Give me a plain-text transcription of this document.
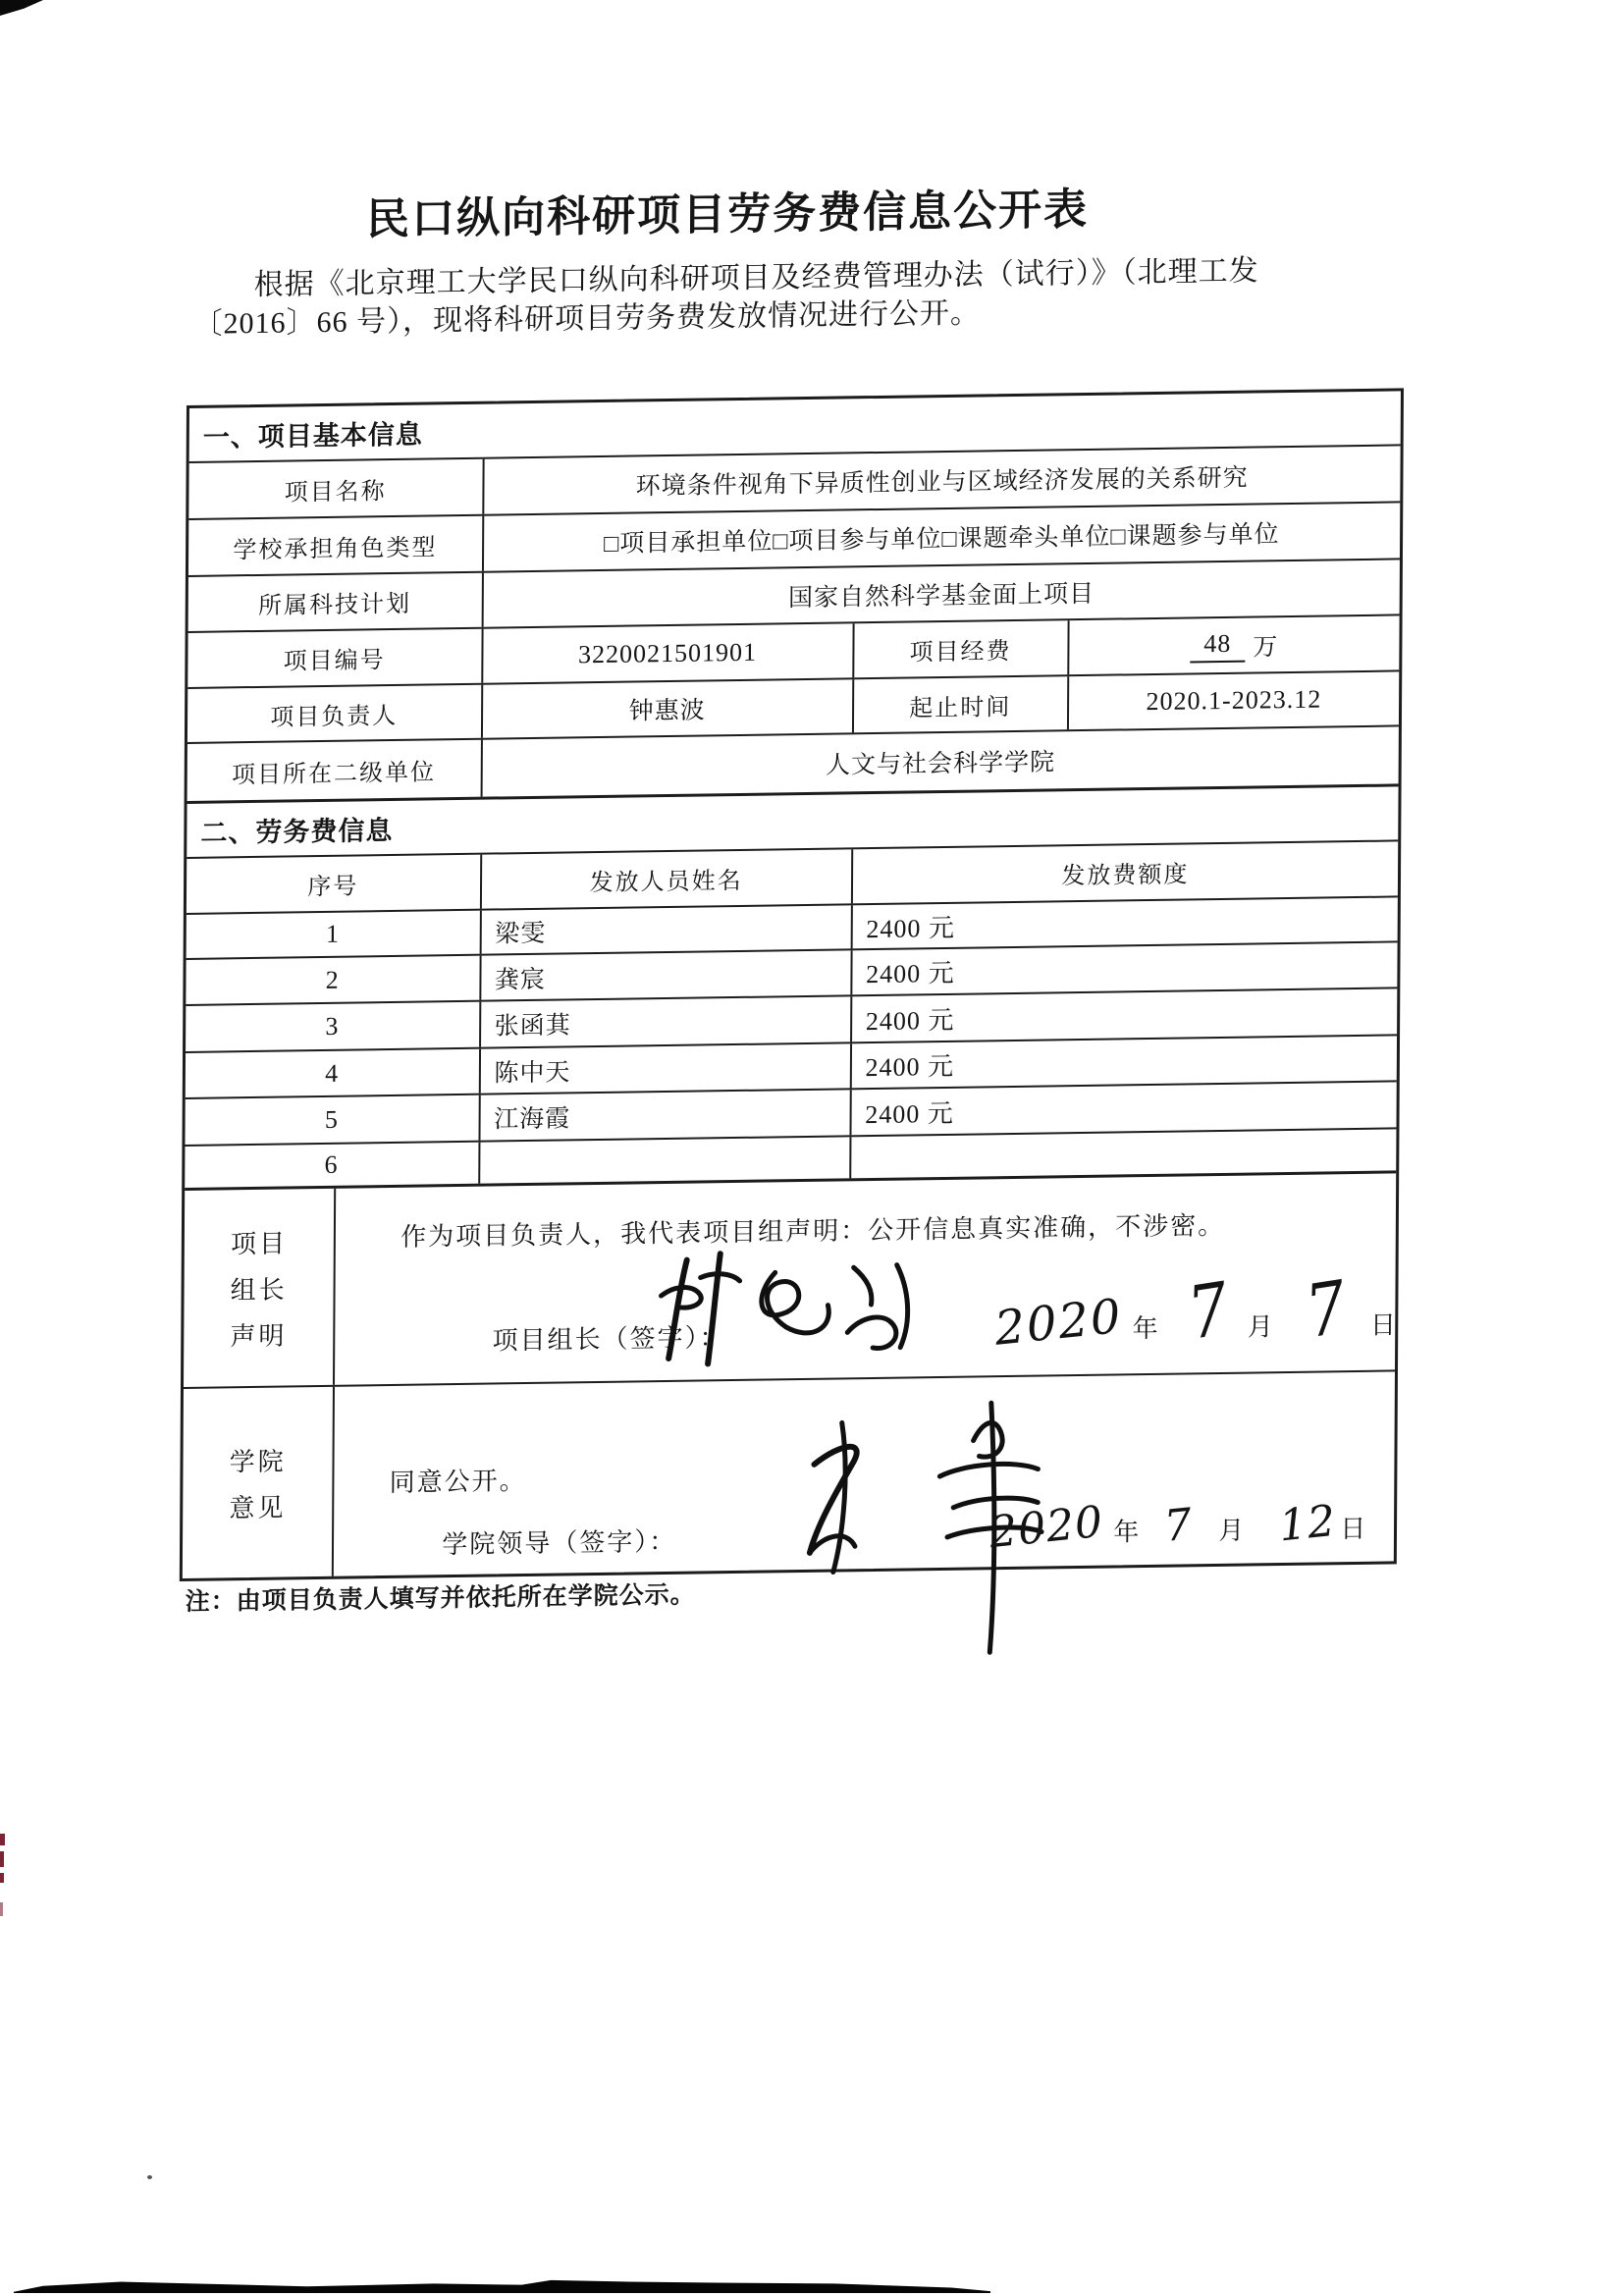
民口纵向科研项目劳务费信息公开表
根据《北京理工大学民口纵向科研项目及经费管理办法（试行）》（北理工发
〔2016〕66 号），现将科研项目劳务费发放情况进行公开。
一、项目基本信息
项目名称	环境条件视角下异质性创业与区域经济发展的关系研究
学校承担角色类型	□项目承担单位□项目参与单位□课题牵头单位□课题参与单位
所属科技计划	国家自然科学基金面上项目
项目编号	3220021501901	项目经费	48 万
项目负责人	钟惠波	起止时间	2020.1-2023.12
项目所在二级单位	人文与社会科学学院
二、劳务费信息
序号	发放人员姓名	发放费额度
1	梁雯	2400 元
2	龚宸	2400 元
3	张函萁	2400 元
4	陈中天	2400 元
5	江海霞	2400 元
6
项目
组长
声明
作为项目负责人，我代表项目组声明：公开信息真实准确，不涉密。
项目组长（签字）：	2020 年 7 月 7 日
学院
意见
同意公开。
学院领导（签字）：	2020 年 7 月 12 日
注：由项目负责人填写并依托所在学院公示。
